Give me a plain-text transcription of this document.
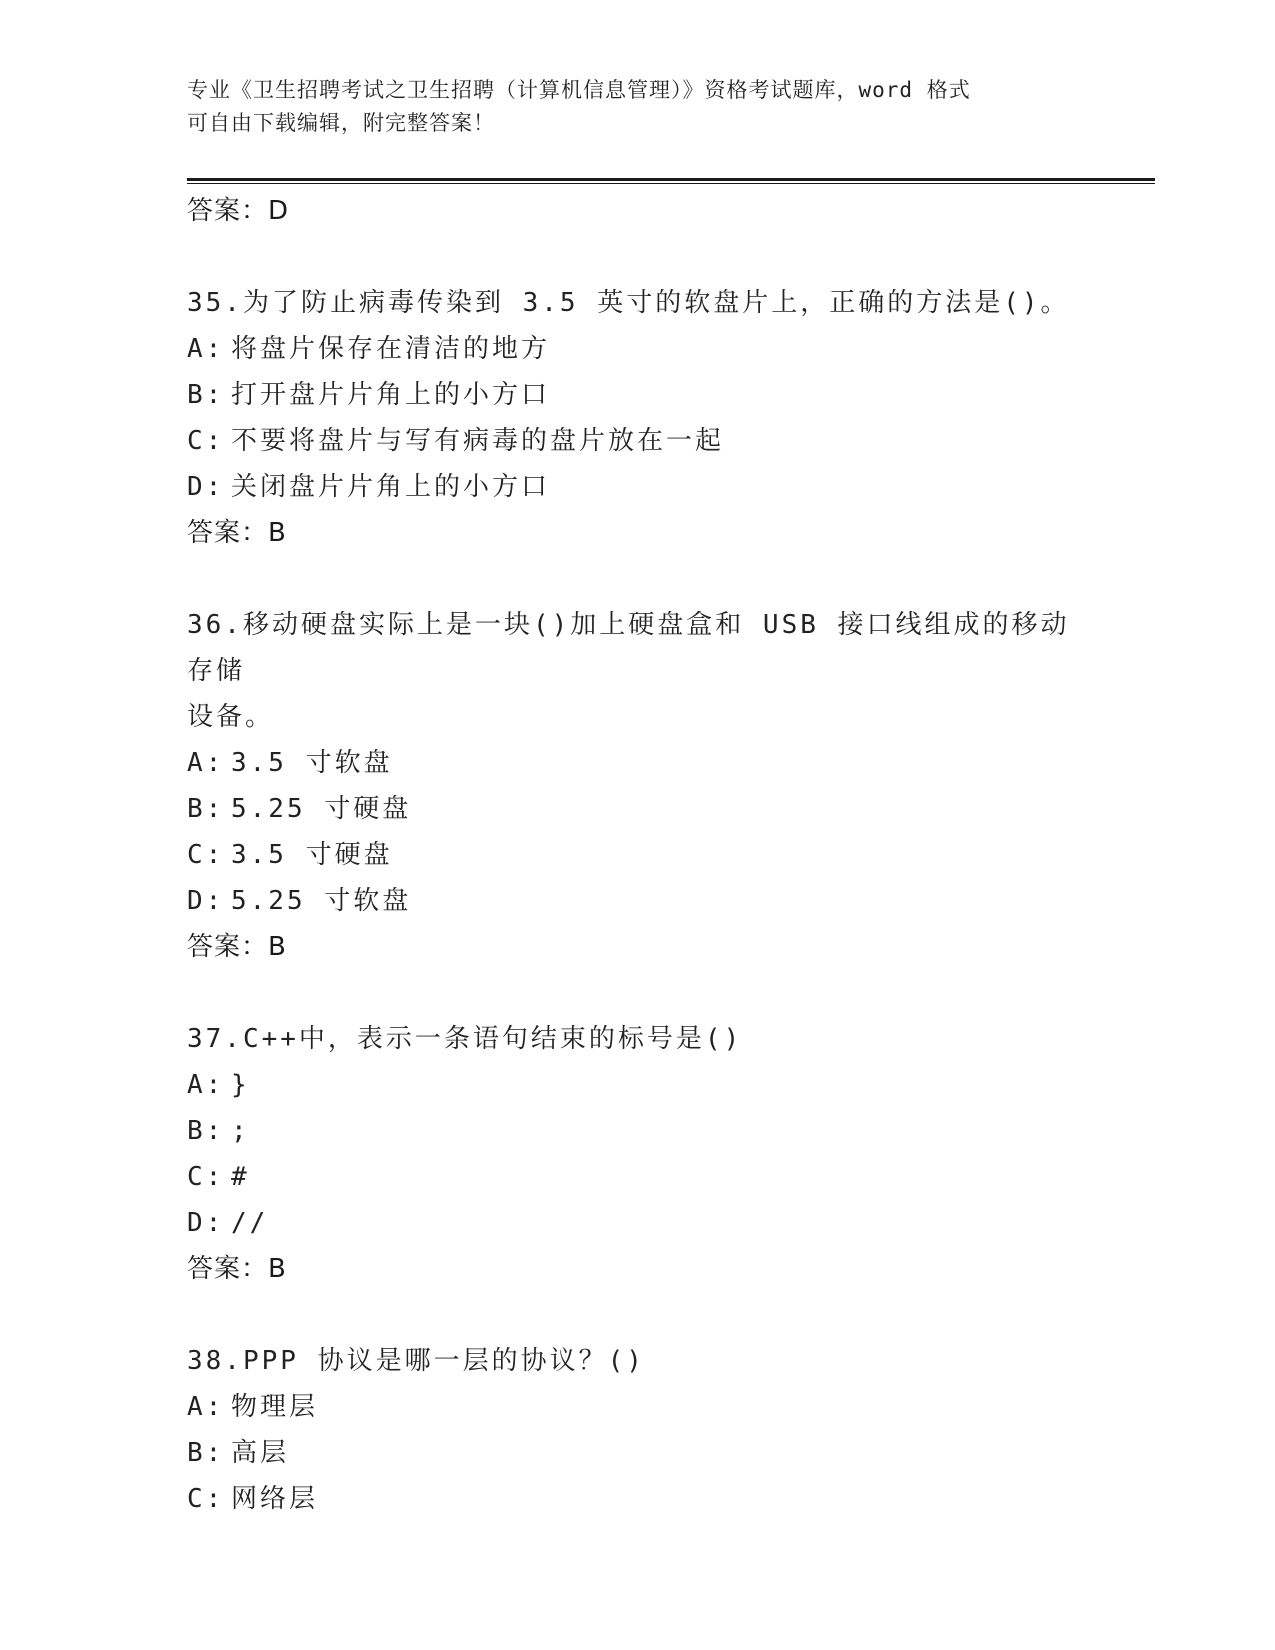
专业《卫生招聘考试之卫生招聘（计算机信息管理）》资格考试题库，word 格式
可自由下载编辑，附完整答案！
答案：D
35.为了防止病毒传染到 3.5 英寸的软盘片上，正确的方法是()。
A: 将盘片保存在清洁的地方
B: 打开盘片片角上的小方口
C: 不要将盘片与写有病毒的盘片放在一起
D: 关闭盘片片角上的小方口
答案：B
36.移动硬盘实际上是一块()加上硬盘盒和 USB 接口线组成的移动存储
设备。
A: 3.5 寸软盘
B: 5.25 寸硬盘
C: 3.5 寸硬盘
D: 5.25 寸软盘
答案：B
37.C++中，表示一条语句结束的标号是()
A: }
B: ;
C: #
D: //
答案：B
38.PPP 协议是哪一层的协议？()
A: 物理层
B: 高层
C: 网络层
